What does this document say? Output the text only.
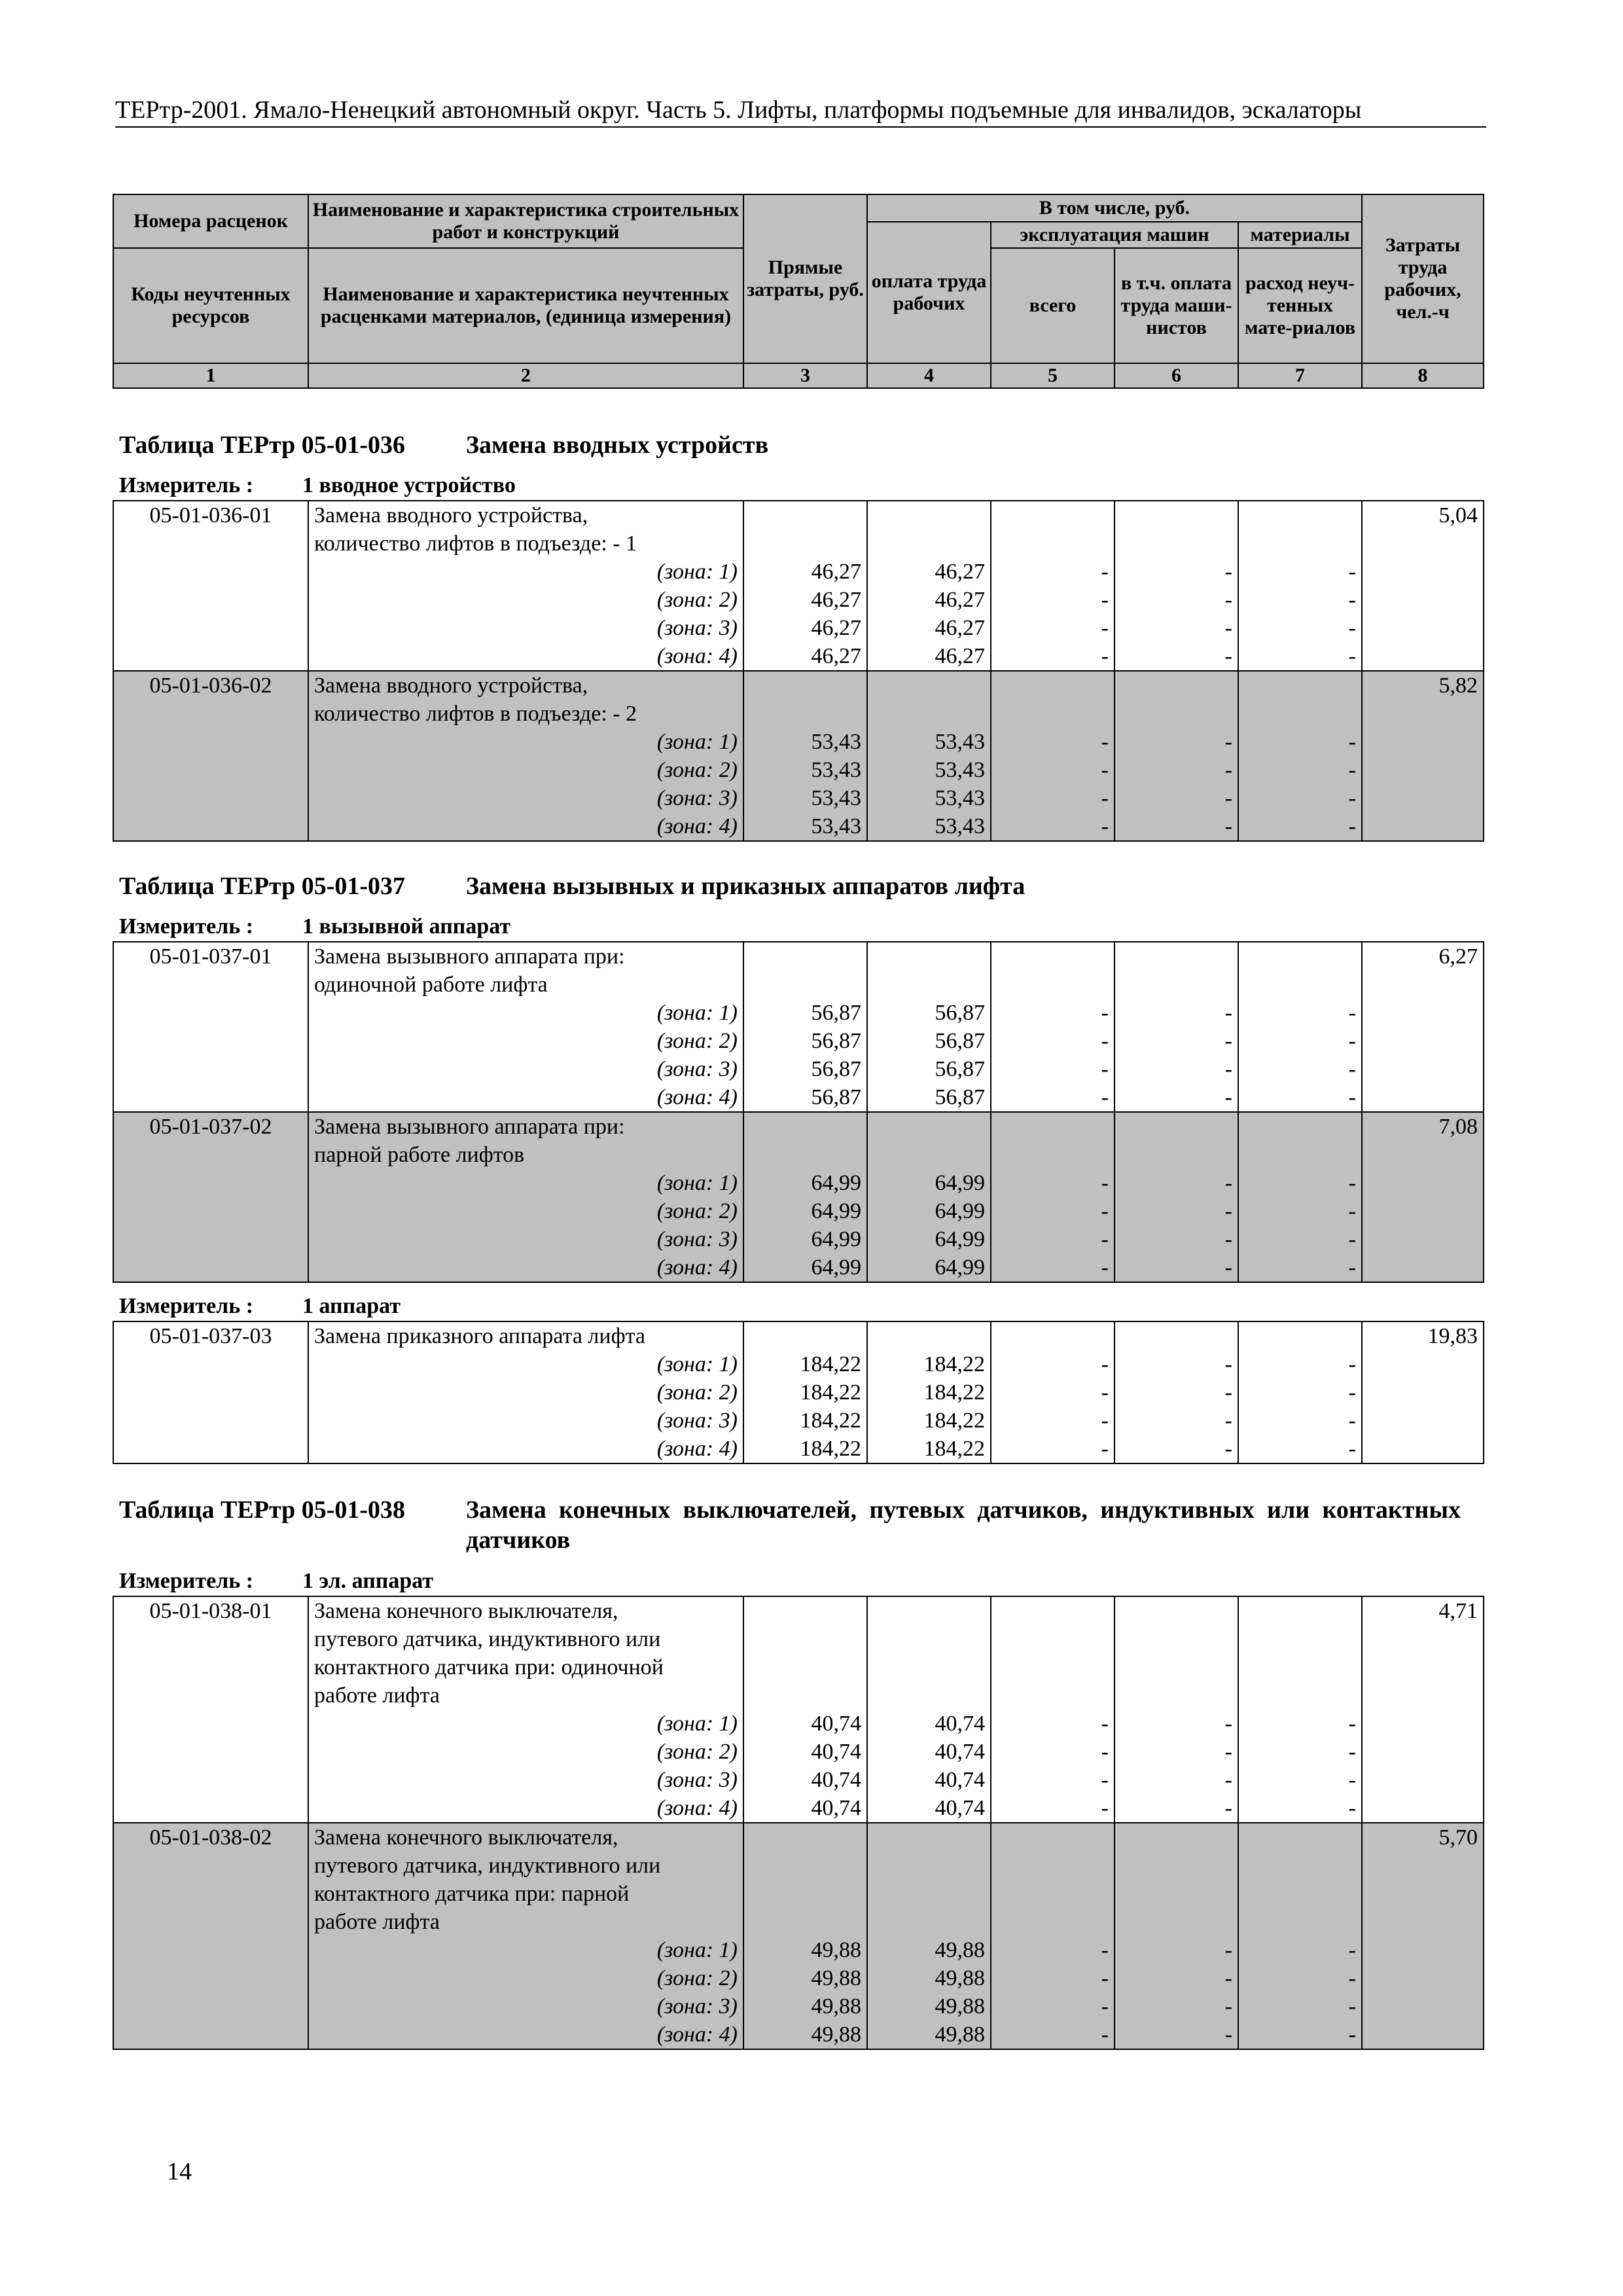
ТЕРтр-2001. Ямало-Ненецкий автономный округ. Часть 5. Лифты, платформы подъемные для инвалидов, эскалаторы
Номера расценок	Наименование и характеристика строительных работ и конструкций	Прямые затраты, руб.	В том числе, руб.				Затраты труда рабочих, чел.-ч
			оплата труда рабочих	эксплуатация машин		материалы	
Коды неучтенных ресурсов	Наименование и характеристика неучтенных расценками материалов, (единица измерения)			всего	в т.ч. оплата труда маши-нистов	расход неуч-тенных мате-риалов	

1	2	3	4	5	6	7	8
Таблица ТЕРтр 05-01-036 Замена вводных устройств
Измеритель : 1 вводное устройство
05-01-036-01	Замена вводного устройства,						5,04
	количество лифтов в подъезде: - 1						
	(зона: 1)	46,27	46,27	-	-	-	
	(зона: 2)	46,27	46,27	-	-	-	
	(зона: 3)	46,27	46,27	-	-	-	
	(зона: 4)	46,27	46,27	-	-	-	
05-01-036-02	Замена вводного устройства,						5,82
	количество лифтов в подъезде: - 2						
	(зона: 1)	53,43	53,43	-	-	-	
	(зона: 2)	53,43	53,43	-	-	-	
	(зона: 3)	53,43	53,43	-	-	-	
	(зона: 4)	53,43	53,43	-	-	-	
Таблица ТЕРтр 05-01-037 Замена вызывных и приказных аппаратов лифта
Измеритель : 1 вызывной аппарат
05-01-037-01	Замена вызывного аппарата при:						6,27
	одиночной работе лифта						
	(зона: 1)	56,87	56,87	-	-	-	
	(зона: 2)	56,87	56,87	-	-	-	
	(зона: 3)	56,87	56,87	-	-	-	
	(зона: 4)	56,87	56,87	-	-	-	
05-01-037-02	Замена вызывного аппарата при:						7,08
	парной работе лифтов						
	(зона: 1)	64,99	64,99	-	-	-	
	(зона: 2)	64,99	64,99	-	-	-	
	(зона: 3)	64,99	64,99	-	-	-	
	(зона: 4)	64,99	64,99	-	-	-	
Измеритель : 1 аппарат
05-01-037-03	Замена приказного аппарата лифта						19,83
	(зона: 1)	184,22	184,22	-	-	-	
	(зона: 2)	184,22	184,22	-	-	-	
	(зона: 3)	184,22	184,22	-	-	-	
	(зона: 4)	184,22	184,22	-	-	-	
Таблица ТЕРтр 05-01-038 Замена конечных выключателей, путевых датчиков, индуктивных или контактных датчиков
Измеритель : 1 эл. аппарат
05-01-038-01	Замена конечного выключателя,						4,71
	путевого датчика, индуктивного или						
	контактного датчика при: одиночной						
	работе лифта						
	(зона: 1)	40,74	40,74	-	-	-	
	(зона: 2)	40,74	40,74	-	-	-	
	(зона: 3)	40,74	40,74	-	-	-	
	(зона: 4)	40,74	40,74	-	-	-	
05-01-038-02	Замена конечного выключателя,						5,70
	путевого датчика, индуктивного или						
	контактного датчика при: парной						
	работе лифта						
	(зона: 1)	49,88	49,88	-	-	-	
	(зона: 2)	49,88	49,88	-	-	-	
	(зона: 3)	49,88	49,88	-	-	-	
	(зона: 4)	49,88	49,88	-	-	-	
14
